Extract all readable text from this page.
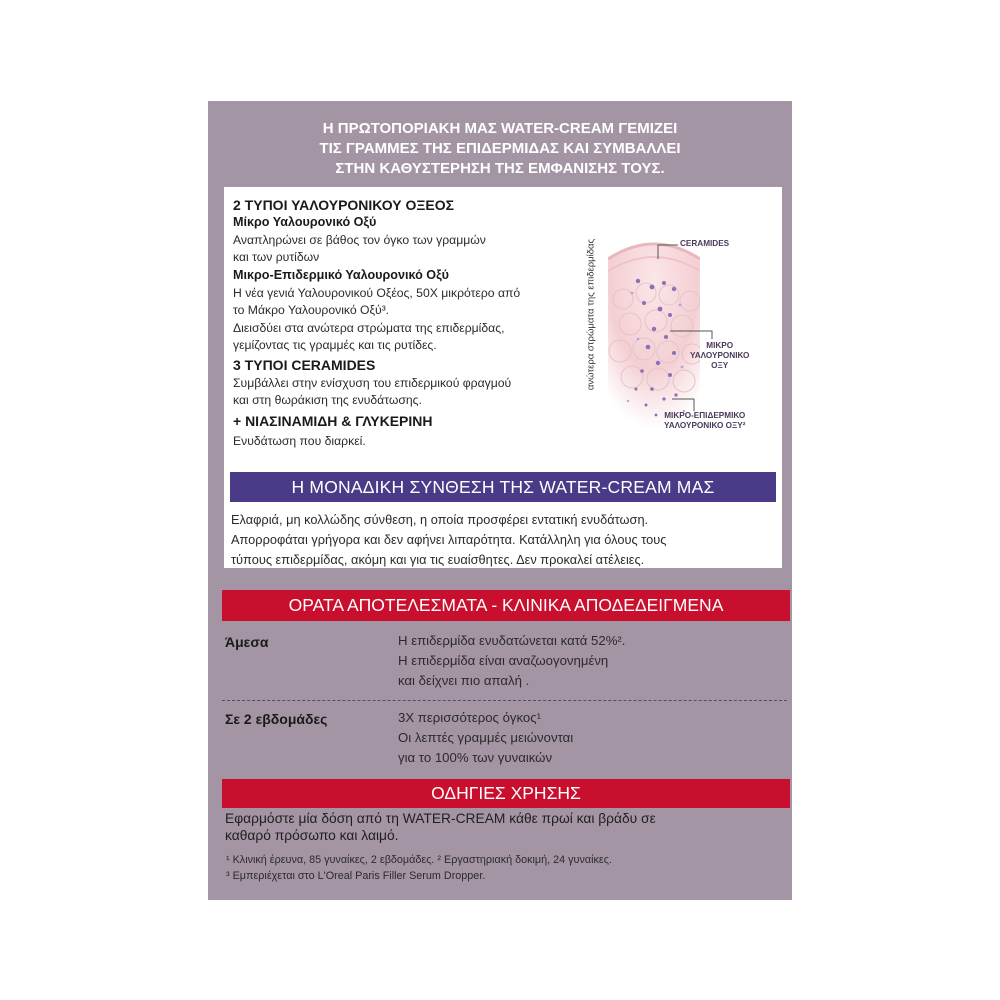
Η ΠΡΩΤΟΠΟΡΙΑΚΗ ΜΑΣ WATER-CREAM ΓΕΜΙΖΕΙ
ΤΙΣ ΓΡΑΜΜΕΣ ΤΗΣ ΕΠΙΔΕΡΜΙΔΑΣ ΚΑΙ ΣΥΜΒΑΛΛΕΙ
ΣΤΗΝ ΚΑΘΥΣΤΕΡΗΣΗ ΤΗΣ ΕΜΦΑΝΙΣΗΣ ΤΟΥΣ.
2 ΤΥΠΟΙ ΥΑΛΟΥΡΟΝΙΚΟΥ ΟΞΕΟΣ
Μίκρο Υαλουρονικό Οξύ
Αναπληρώνει σε βάθος τον όγκο των γραμμών
και των ρυτίδων
Μικρο-Επιδερμικό Υαλουρονικό Οξύ
Η νέα γενιά Υαλουρονικού Οξέος, 50Χ μικρότερο από
το Μάκρο Υαλουρονικό Οξύ³.
Διεισδύει στα ανώτερα στρώματα της επιδερμίδας,
γεμίζοντας τις γραμμές και τις ρυτίδες.
3 ΤΥΠΟΙ CERAMIDES
Συμβάλλει στην ενίσχυση του επιδερμικού φραγμού
και στη θωράκιση της ενυδάτωσης.
+ ΝΙΑΣΙΝΑΜΙΔΗ & ΓΛΥΚΕΡΙΝΗ
Ενυδάτωση που διαρκεί.
ανώτερα στρώματα της επιδερμίδας	CERAMIDES
ΜΙΚΡΟ
ΥΑΛΟΥΡΟΝΙΚΟ
ΟΞΥ
ΜΙΚΡΟ-ΕΠΙΔΕΡΜΙΚΟ
ΥΑΛΟΥΡΟΝΙΚΟ ΟΞΥ²
Η ΜΟΝΑΔΙΚΗ ΣΥΝΘΕΣΗ ΤΗΣ WATER-CREAM ΜΑΣ
Ελαφριά, μη κολλώδης σύνθεση, η οποία προσφέρει εντατική ενυδάτωση.
Απορροφάται γρήγορα και δεν αφήνει λιπαρότητα. Κατάλληλη για όλους τους
τύπους επιδερμίδας, ακόμη και για τις ευαίσθητες. Δεν προκαλεί ατέλειες.
ΟΡΑΤΑ ΑΠΟΤΕΛΕΣΜΑΤΑ - ΚΛΙΝΙΚΑ ΑΠΟΔΕΔΕΙΓΜΕΝΑ
Άμεσα	Η επιδερμίδα ενυδατώνεται κατά 52%².
Η επιδερμίδα είναι αναζωογονημένη
και δείχνει πιο απαλή .
Σε 2 εβδομάδες	3Χ περισσότερος όγκος¹
Οι λεπτές γραμμές μειώνονται
για το 100% των γυναικών
ΟΔΗΓΙΕΣ ΧΡΗΣΗΣ
Εφαρμόστε μία δόση από τη WATER-CREAM κάθε πρωί και βράδυ σε
καθαρό πρόσωπο και λαιμό.
¹ Κλινική έρευνα, 85 γυναίκες, 2 εβδομάδες. ² Εργαστηριακή δοκιμή, 24 γυναίκες.
³ Εμπεριέχεται στο L'Oreal Paris Filler Serum Dropper.
